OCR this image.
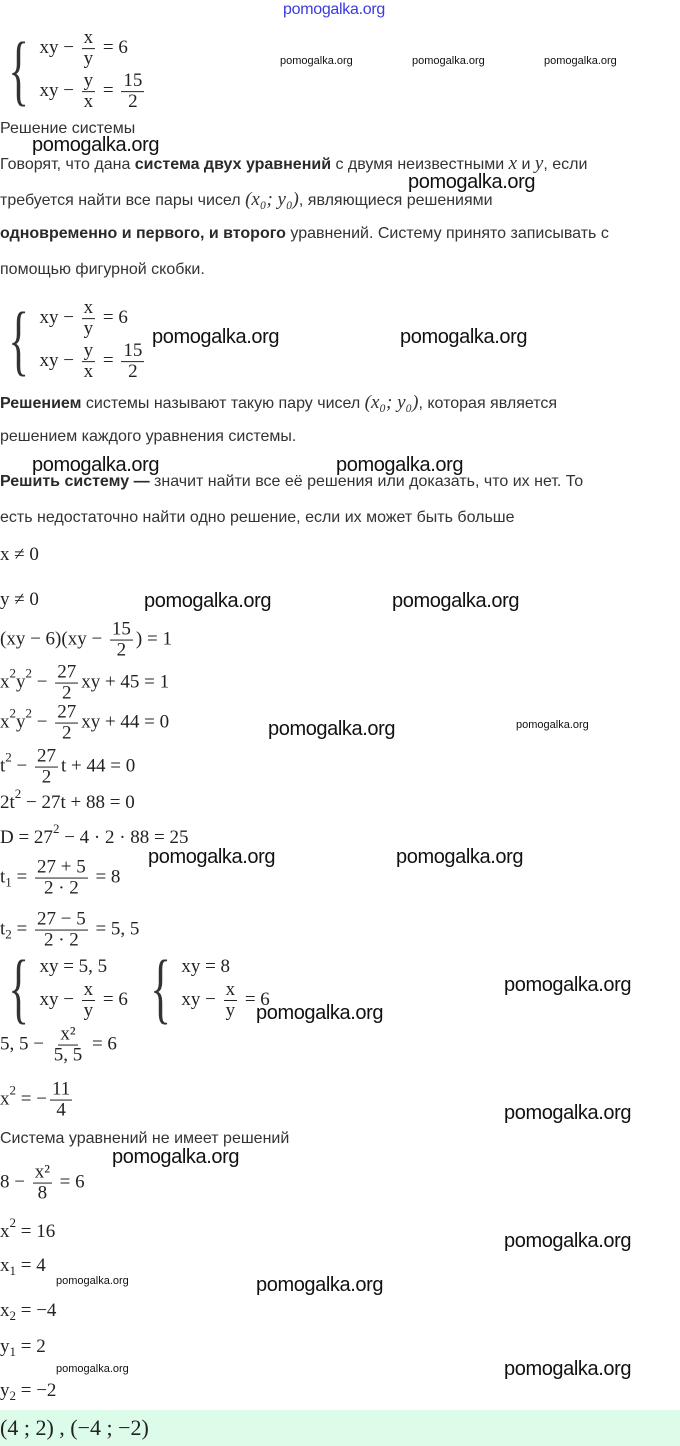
pomogalka.org
Решение системы
Говорят, что дана система двух уравнений с двумя неизвестными x и y, если
требуется найти все пары чисел (x₀; y₀), являющиеся решениями
одновременно и первого, и второго уравнений. Систему принято записывать с
помощью фигурной скобки.
Решением системы называют такую пару чисел (x₀; y₀), которая является
решением каждого уравнения системы.
Решить систему — значит найти все её решения или доказать, что их нет. То
есть недостаточно найти одно решение, если их может быть больше
Система уравнений не имеет решений
{ xy − $\frac{x}{y} = 6$
xy − $\frac{y}{x} = \frac{15}{2}$
{ xy − $\frac{x}{y} = 6$
xy − $\frac{y}{x} = \frac{15}{2}$
x ≠ 0
y ≠ 0
$(xy - 6)(xy - \frac{15}{2}$ ) = 1
x 2 y $2 - \frac{27}{2}$ xy + 45 = 1
x 2 y $2 - \frac{27}{2}$ xy + 44 = 0
t $2 - \frac{27}{2}$ t + 44 = 0
2t 2 − 27t + 88 = 0
D = 27 2 − 4 · 2 · 88 = 25
t $1 = \frac{27 + 5}{2 \cdot 2} = 8$
t $2 = \frac{27 - 5}{2 \cdot 2} = 5$, 5
{ xy = 5, 5
xy − $\frac{x}{y} = 6$ { xy = 8
xy − $\frac{x}{y} = 6$
5, $5 - \frac{\text{x²}}{5, 5} = 6$
x 2 = − $\frac{11}{4}$
$8 - \frac{\text{x²}}{8} = 6$
x 2 = 16
x 1 = 4
x 2 = −4
y 1 = 2
y 2 = −2
(4 ; 2) , (−4 ; −2)
pomogalka.org	pomogalka.org	pomogalka.org
pomogalka.org
pomogalka.org
pomogalka.org	pomogalka.org
pomogalka.org	pomogalka.org
pomogalka.org	pomogalka.org
pomogalka.org	pomogalka.org
pomogalka.org	pomogalka.org
pomogalka.org
pomogalka.org
pomogalka.org
pomogalka.org
pomogalka.org
pomogalka.org	pomogalka.org
pomogalka.org	pomogalka.org
